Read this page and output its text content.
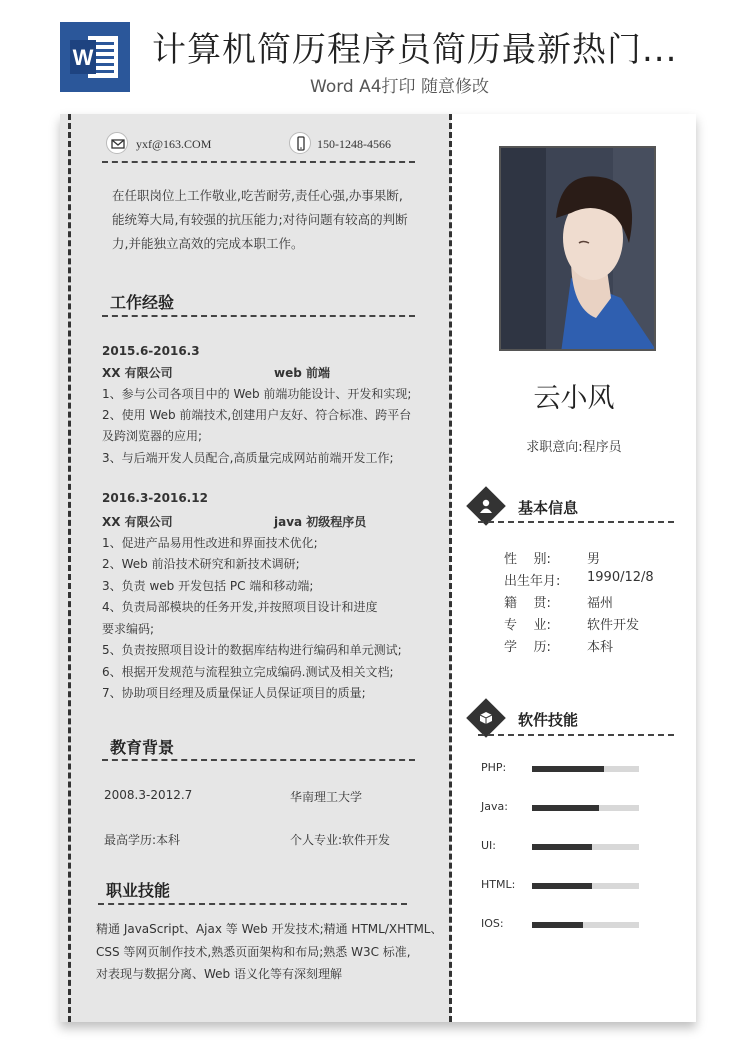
W 计算机简历程序员简历最新热门...
Word A4打印 随意修改
yxf@163.COM	150-1248-4566
在任职岗位上工作敬业,吃苦耐劳,责任心强,办事果断,
能统筹大局,有较强的抗压能力;对待问题有较高的判断
力,并能独立高效的完成本职工作。
工作经验
2015.6-2016.3
XX 有限公司	web 前端
1、参与公司各项目中的 Web 前端功能设计、开发和实现;
2、使用 Web 前端技术,创建用户友好、符合标准、跨平台
及跨浏览器的应用;
3、与后端开发人员配合,高质量完成网站前端开发工作;
2016.3-2016.12
XX 有限公司	java 初级程序员
1、促进产品易用性改进和界面技术优化;
2、Web 前沿技术研究和新技术调研;
3、负责 web 开发包括 PC 端和移动端;
4、负责局部模块的任务开发,并按照项目设计和进度
要求编码;
5、负责按照项目设计的数据库结构进行编码和单元测试;
6、根据开发规范与流程独立完成编码.测试及相关文档;
7、协助项目经理及质量保证人员保证项目的质量;
教育背景
2008.3-2012.7	华南理工大学
最高学历:本科	个人专业:软件开发
职业技能
精通 JavaScript、Ajax 等 Web 开发技术;精通 HTML/XHTML、
CSS 等网页制作技术,熟悉页面架构和布局;熟悉 W3C 标准,
对表现与数据分离、Web 语义化等有深刻理解
云小风
求职意向:程序员
基本信息
性    别:	男
出生年月: 1990/12/8
籍    贯:	福州
专    业:	软件开发
学    历:	本科
软件技能
PHP:
Java:
UI:
HTML:
IOS:
